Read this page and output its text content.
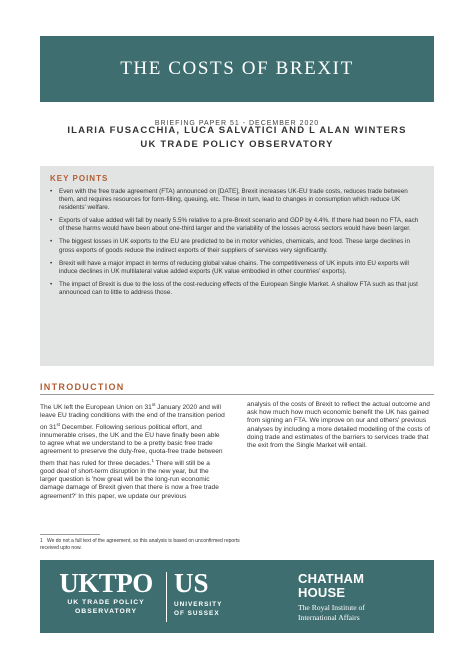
THE COSTS OF BREXIT
BRIEFING PAPER 51 - DECEMBER 2020
ILARIA FUSACCHIA, LUCA SALVATICI AND L ALAN WINTERS
UK TRADE POLICY OBSERVATORY
KEY POINTS
• Even with the free trade agreement (FTA) announced on [DATE], Brexit increases UK-EU trade costs, reduces trade between them, and requires resources for form-filling, queuing, etc. These in turn, lead to changes in consumption which reduce UK residents' welfare.
• Exports of value added will fall by nearly 5.5% relative to a pre-Brexit scenario and GDP by 4.4%. If there had been no FTA, each of these harms would have been about one-third larger and the variability of the losses across sectors would have been larger.
• The biggest losses in UK exports to the EU are predicted to be in motor vehicles, chemicals, and food. These large declines in gross exports of goods reduce the indirect exports of their suppliers of services very significantly.
• Brexit will have a major impact in terms of reducing global value chains. The competitiveness of UK inputs into EU exports will induce declines in UK multilateral value added exports (UK value embodied in other countries' exports).
• The impact of Brexit is due to the loss of the cost-reducing effects of the European Single Market. A shallow FTA such as that just announced can to little to address those.
INTRODUCTION

The UK left the European Union on 31st January 2020 and will leave EU trading conditions with the end of the transition period on 31st December. Following serious political effort, and innumerable crises, the UK and the EU have finally been able to agree what we understand to be a pretty basic free trade agreement to preserve the duty-free, quota-free trade between them that has ruled for three decades.$^1$ There will still be a good deal of short-term disruption in the new year, but the larger question is 'how great will be the long-run economic damage damage of Brexit given that there is now a free trade agreement?' In this paper, we update our previous

analysis of the costs of Brexit to reflect the actual outcome and ask how much how much economic benefit the UK has gained from signing an FTA. We improve on our and others' previous analyses by including a more detailed modelling of the costs of doing trade and estimates of the barriers to services trade that the exit from the Single Market will entail.

1 We do not a full text of the agreement, so this analysis is based on unconfirmed reports received upto now.
UKTPO
UK TRADE POLICY
OBSERVATORY
US
UNIVERSITY
OF SUSSEX
CHATHAM
HOUSE
The Royal Institute of
International Affairs
